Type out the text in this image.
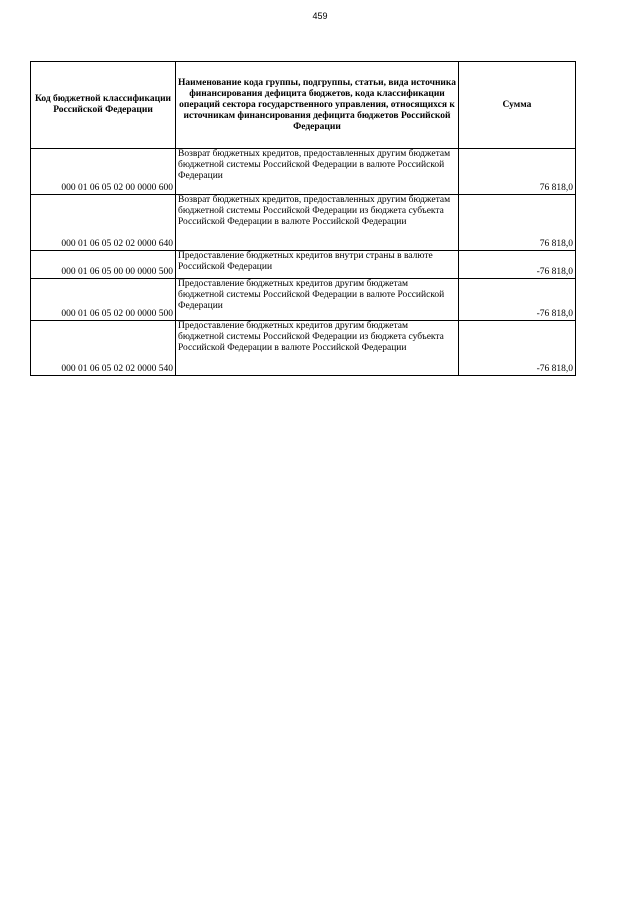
459
Код бюджетной классификации Российской Федерации	Наименование кода группы, подгруппы, статьи, вида источника финансирования дефицита бюджетов, кода классификации операций сектора государственного управления, относящихся к источникам финансирования дефицита бюджетов Российской Федерации	Сумма
000 01 06 05 02 00 0000 600	Возврат бюджетных кредитов, предоставленных другим бюджетам бюджетной системы Российской Федерации в валюте Российской Федерации	76 818,0
000 01 06 05 02 02 0000 640	Возврат бюджетных кредитов, предоставленных другим бюджетам бюджетной системы Российской Федерации из бюджета субъекта Российской Федерации в валюте Российской Федерации	76 818,0
000 01 06 05 00 00 0000 500	Предоставление бюджетных кредитов внутри страны в валюте Российской Федерации	-76 818,0
000 01 06 05 02 00 0000 500	Предоставление бюджетных кредитов другим бюджетам бюджетной системы Российской Федерации в валюте Российской Федерации	-76 818,0
000 01 06 05 02 02 0000 540	Предоставление бюджетных кредитов другим бюджетам бюджетной системы Российской Федерации из бюджета субъекта Российской Федерации в валюте Российской Федерации	-76 818,0
